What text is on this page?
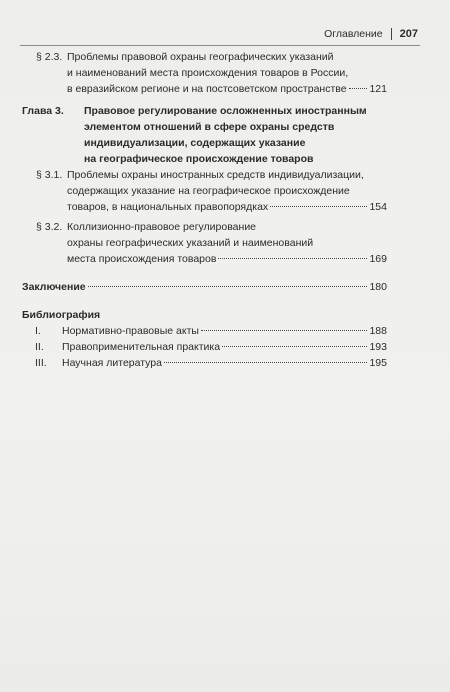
Оглавление 207
§ 2.3. Проблемы правовой охраны географических указаний
и наименований места происхождения товаров в России,
в евразийском регионе и на постсоветском пространстве 121
Глава 3.	Правовое регулирование осложненных иностранным
элементом отношений в сфере охраны средств
индивидуализации, содержащих указание
на географическое происхождение товаров
§ 3.1. Проблемы охраны иностранных средств индивидуализации,
содержащих указание на географическое происхождение
товаров, в национальных правопорядках	154
§ 3.2. Коллизионно-правовое регулирование
охраны географических указаний и наименований
места происхождения товаров	169
Заключение	180
Библиография
I.	Нормативно-правовые акты	188
II.	Правоприменительная практика	193
III.	Научная литература	195
